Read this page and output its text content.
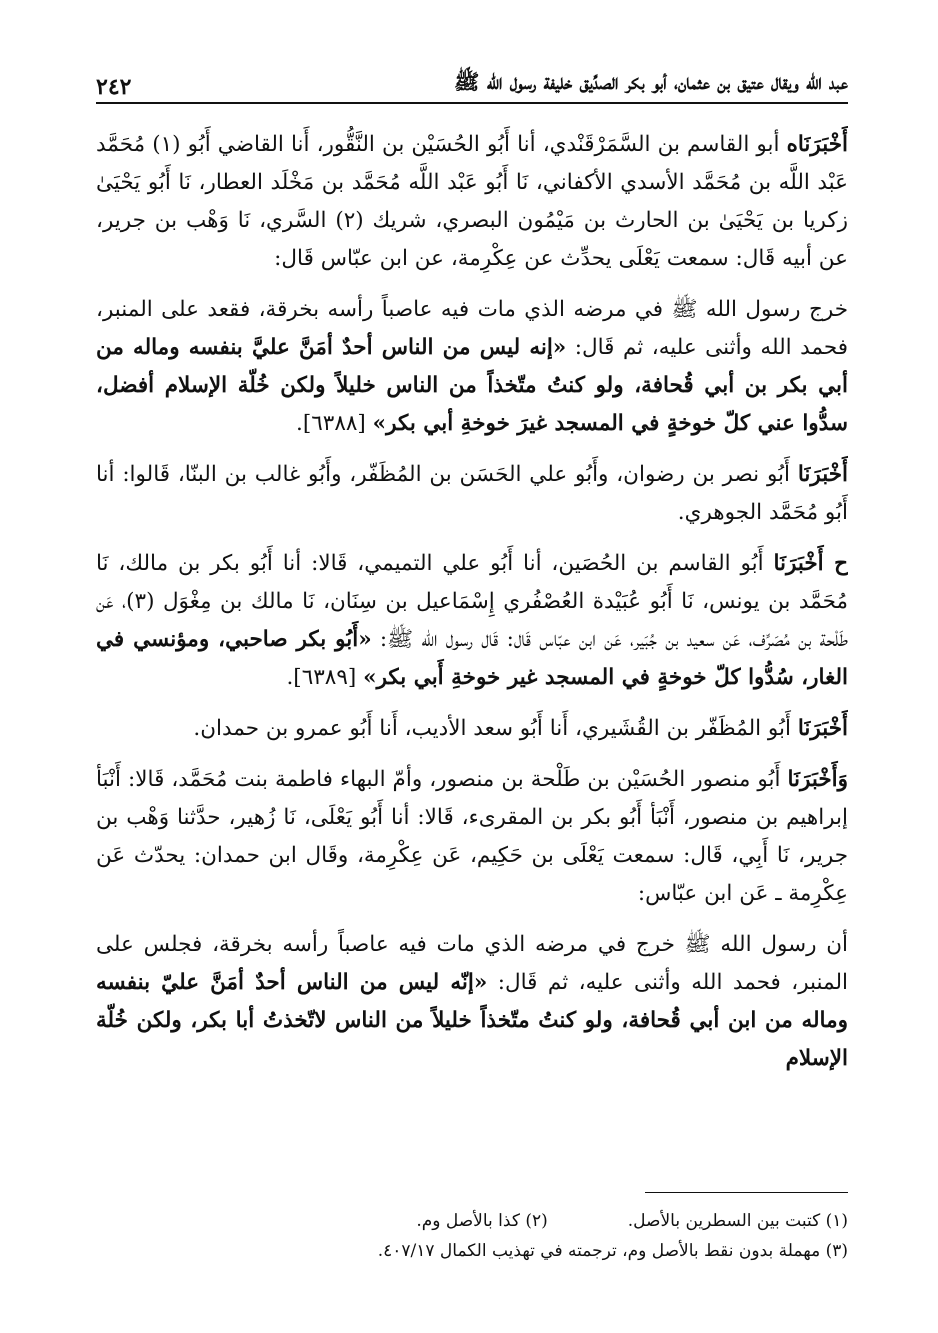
عبد الله ويقال عتيق بن عثمان، أبو بكر الصدِّيق خليفة رسول الله ﷺ
٢٤٢

أَخْبَرَنَاه أبو القاسم بن السَّمَرْقَنْدي، أنا أَبُو الحُسَيْن بن النَّقُّور، أَنا القاضي أَبُو (١) مُحَمَّد عَبْد اللَّه بن مُحَمَّد الأسدي الأكفاني، نَا أَبُو عَبْد اللَّه مُحَمَّد بن مَخْلَد العطار، نَا أَبُو يَحْيَىٰ زكريا بن يَحْيَىٰ بن الحارث بن مَيْمُون البصري، شريك (٢) السَّري، نَا وَهْب بن جرير، عن أبيه قَال: سمعت يَعْلَى يحدِّث عن عِكْرِمة، عن ابن عبّاس قَال:

خرج رسول الله ﷺ في مرضه الذي مات فيه عاصباً رأسه بخرقة، فقعد على المنبر، فحمد الله وأثنى عليه، ثم قَال: «إنه ليس من الناس أحدٌ أمَنَّ عليَّ بنفسه وماله من أبي بكر بن أبي قُحافة، ولو كنتُ متّخذاً من الناس خليلاً ولكن خُلّة الإسلام أفضل، سدُّوا عني كلّ خوخةٍ في المسجد غيرَ خوخةِ أبي بكر» [٦٣٨٨].

أَخْبَرَنَا أَبُو نصر بن رضوان، وأَبُو علي الحَسَن بن المُظَفّر، وأَبُو غالب بن البنّا، قَالوا: أنا أَبُو مُحَمَّد الجوهري.

ح أَخْبَرَنَا أَبُو القاسم بن الحُصَين، أنا أَبُو علي التميمي، قَالا: أنا أَبُو بكر بن مالك، نَا مُحَمَّد بن يونس، نَا أَبُو عُبَيْدة العُصْفُري إِسْمَاعيل بن سِنَان، نَا مالك بن مِغْوَل (٣)، عَن طَلْحة بن مُصَرِّف، عَن سعيد بن جُبَير، عَن ابن عبّاس قَال: قَال رسول الله ﷺ: «أَبُو بكر صاحبي، ومؤنسي في الغار، سُدُّوا كلّ خوخةٍ في المسجد غير خوخةِ أَبي بكر» [٦٣٨٩].

أَخْبَرَنَا أَبُو المُظَفّر بن القُشَيري، أَنا أَبُو سعد الأديب، أَنا أَبُو عمرو بن حمدان.

وَأَخْبَرَنَا أَبُو منصور الحُسَيْن بن طَلْحة بن منصور، وأمّ البهاء فاطمة بنت مُحَمَّد، قَالا: أَنْبَأ إبراهيم بن منصور، أَنْبَأ أَبُو بكر بن المقرىء، قَالا: أنا أَبُو يَعْلَى، نَا زُهير، حدَّثنا وَهْب بن جرير، نَا أَبِي، قَال: سمعت يَعْلَى بن حَكِيم، عَن عِكْرِمة، وقَال ابن حمدان: يحدّث عَن عِكْرِمة ـ عَن ابن عبّاس:

أن رسول الله ﷺ خرج في مرضه الذي مات فيه عاصباً رأسه بخرقة، فجلس على المنبر، فحمد الله وأثنى عليه، ثم قَال: «إنّه ليس من الناس أحدٌ أمَنَّ عليّ بنفسه وماله من ابن أبي قُحافة، ولو كنتُ متّخذاً خليلاً من الناس لاتّخذتُ أبا بكر، ولكن خُلّة الإسلام

(١) كتبت بين السطرين بالأصل.
(٢) كذا بالأصل وم.
(٣) مهملة بدون نقط بالأصل وم، ترجمته في تهذيب الكمال ٤٠٧/١٧.
